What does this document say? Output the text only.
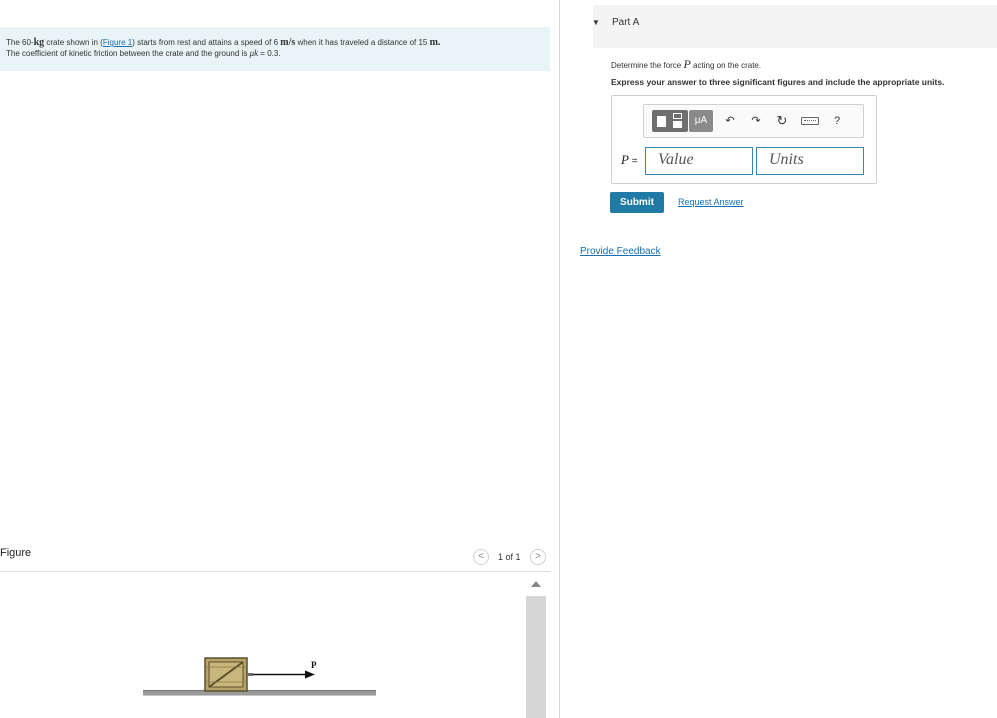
The 60-kg crate shown in (Figure 1) starts from rest and attains a speed of 6 m/s when it has traveled a distance of 15 m.
The coefficient of kinetic friction between the crate and the ground is μk = 0.3.
Figure	<	1 of 1	>
P
▼ Part A
Determine the force P acting on the crate.
Express your answer to three significant figures and include the appropriate units.
μA	↶	↷ ↻	?
P =	Value	Units
Submit	Request Answer
Provide Feedback
